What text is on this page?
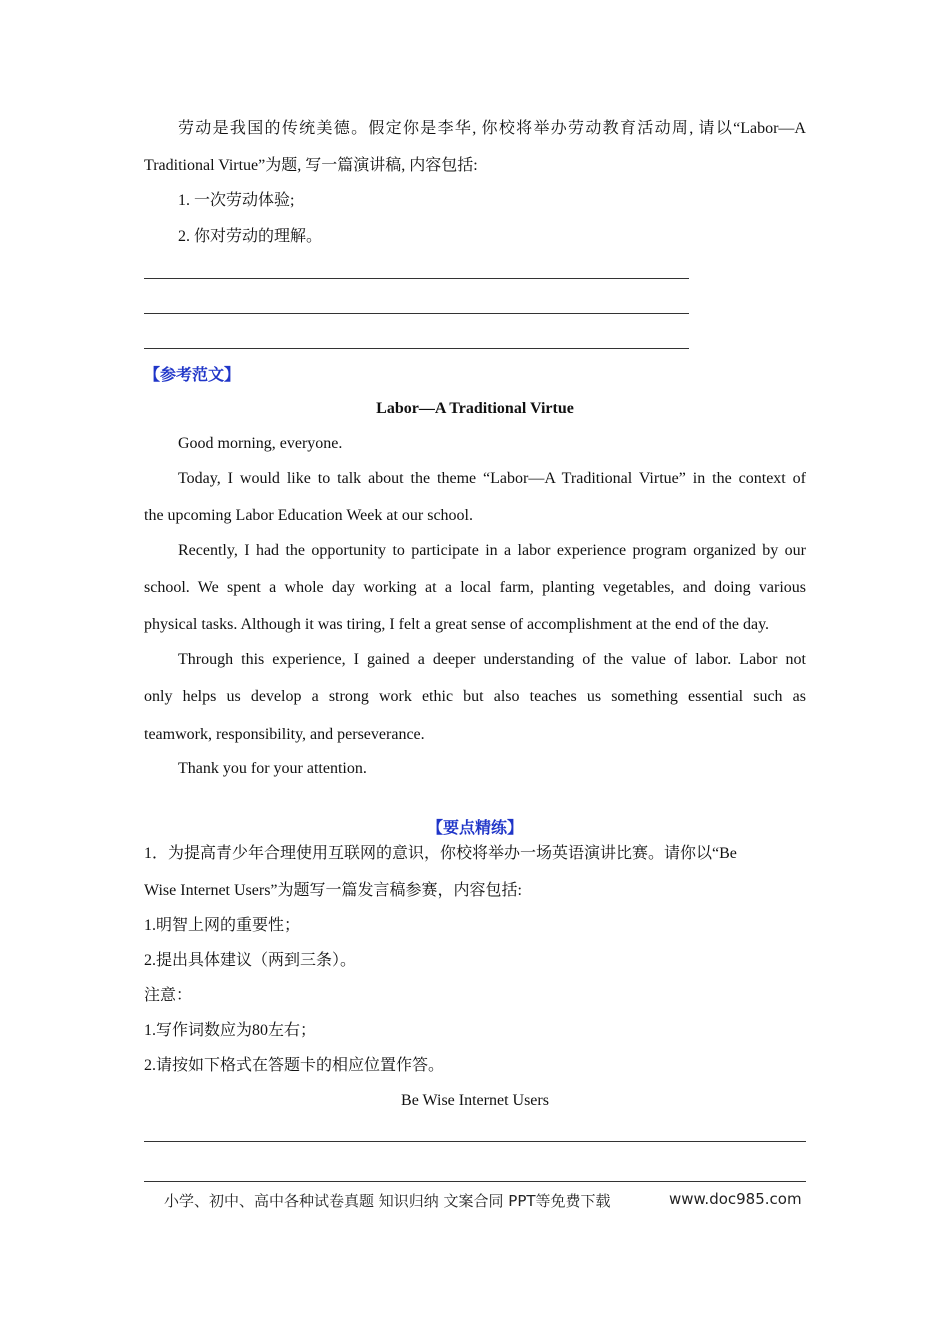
劳动是我国的传统美德。假定你是李华, 你校将举办劳动教育活动周, 请以“Labor—A
Traditional Virtue”为题, 写一篇演讲稿, 内容包括:
1. 一次劳动体验;
2. 你对劳动的理解。
【参考范文】
Labor—A Traditional Virtue
Good morning, everyone.
Today, I would like to talk about the theme “Labor—A Traditional Virtue” in the context of
the upcoming Labor Education Week at our school.
Recently, I had the opportunity to participate in a labor experience program organized by our
school. We spent a whole day working at a local farm, planting vegetables, and doing various
physical tasks. Although it was tiring, I felt a great sense of accomplishment at the end of the day.
Through this experience, I gained a deeper understanding of the value of labor. Labor not
only helps us develop a strong work ethic but also teaches us something essential such as
teamwork, responsibility, and perseverance.
Thank you for your attention.
【要点精练】
1．为提高青少年合理使用互联网的意识，你校将举办一场英语演讲比赛。请你以“Be
Wise Internet Users”为题写一篇发言稿参赛，内容包括:
1.明智上网的重要性；
2.提出具体建议（两到三条）。
注意：
1.写作词数应为80左右；
2.请按如下格式在答题卡的相应位置作答。
Be Wise Internet Users
小学、初中、高中各种试卷真题 知识归纳 文案合同 PPT等免费下载	www.doc985.com
